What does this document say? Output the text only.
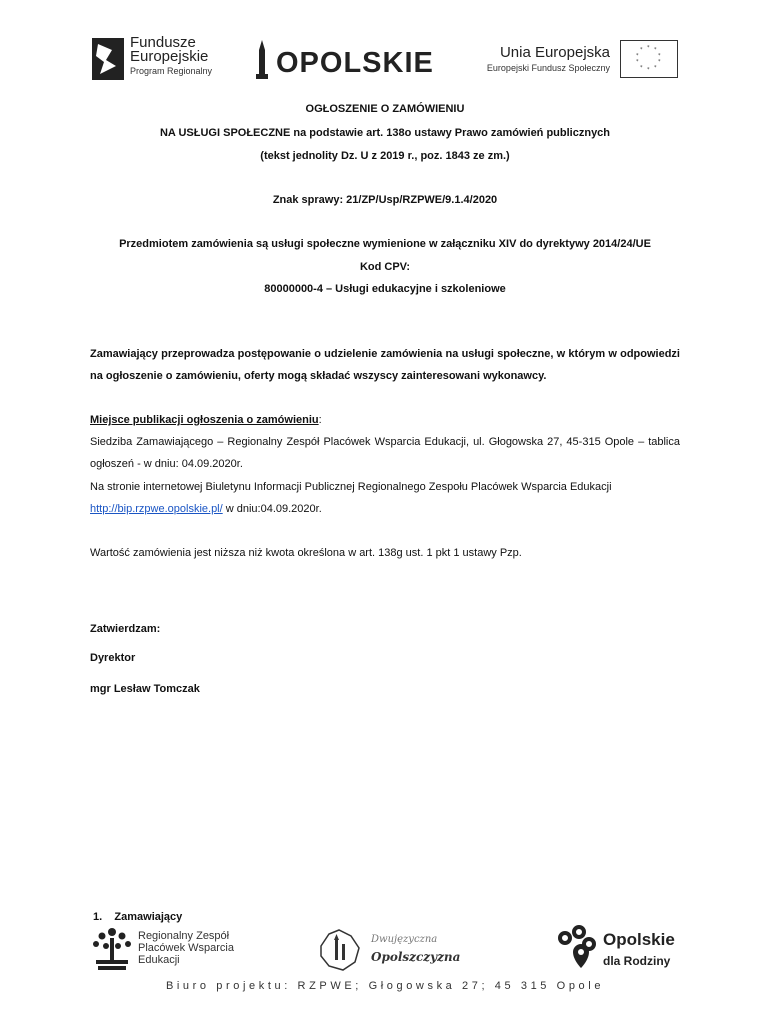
Fundusze
Europejskie
Program Regionalny OPOLSKIE	Unia Europejska
Europejski Fundusz Społeczny
* *
*
*
*
*
*
*
*
*
OGŁOSZENIE O ZAMÓWIENIU
NA USŁUGI SPOŁECZNE na podstawie art. 138o ustawy Prawo zamówień publicznych
(tekst jednolity Dz. U z 2019 r., poz. 1843 ze zm.)
Znak sprawy: 21/ZP/Usp/RZPWE/9.1.4/2020
Przedmiotem zamówienia są usługi społeczne wymienione w załączniku XIV do dyrektywy 2014/24/UE
Kod CPV:
80000000-4 – Usługi edukacyjne i szkoleniowe
Zamawiający przeprowadza postępowanie o udzielenie zamówienia na usługi społeczne, w którym w odpowiedzi na ogłoszenie o zamówieniu, oferty mogą składać wszyscy zainteresowani wykonawcy.
Miejsce publikacji ogłoszenia o zamówieniu:
Siedziba Zamawiającego – Regionalny Zespół Placówek Wsparcia Edukacji, ul. Głogowska 27, 45-315 Opole – tablica ogłoszeń - w dniu: 04.09.2020r.
Na stronie internetowej Biuletynu Informacji Publicznej Regionalnego Zespołu Placówek Wsparcia Edukacji
http://bip.rzpwe.opolskie.pl/ w dniu:04.09.2020r.
Wartość zamówienia jest niższa niż kwota określona w art. 138g ust. 1 pkt 1 ustawy Pzp.
Zatwierdzam:
Dyrektor
mgr Lesław Tomczak
1.    Zamawiający
Regionalny Zespół
Placówek Wsparcia
Edukacji
Dwujęzyczna
Opolszczyzna
Opolskie
dla Rodziny
Biuro projektu: RZPWE; Głogowska 27; 45 315 Opole
